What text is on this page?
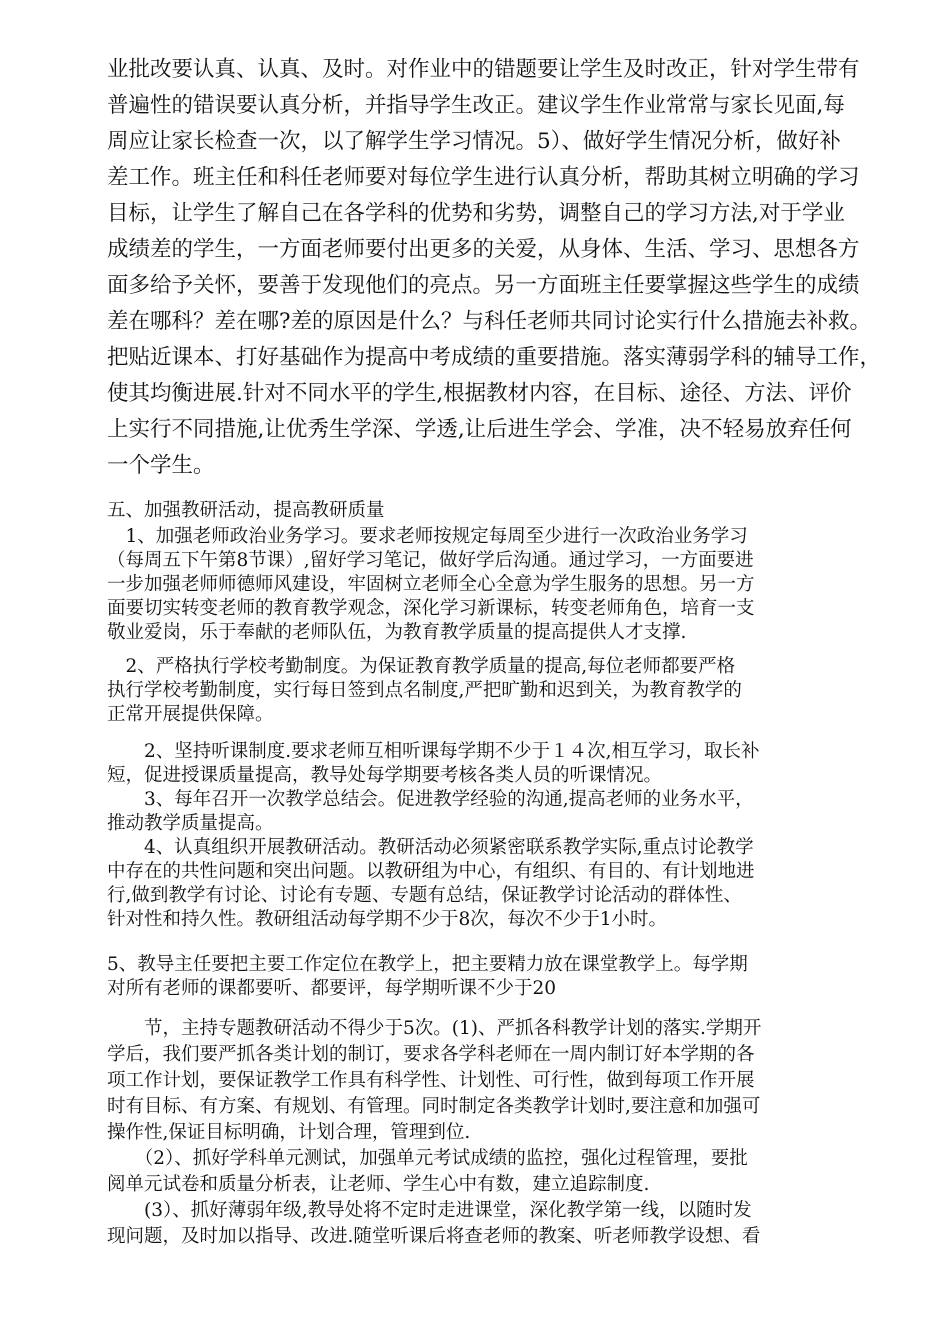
业批改要认真、认真、及时。对作业中的错题要让学生及时改正，针对学生带有
普遍性的错误要认真分析，并指导学生改正。建议学生作业常常与家长见面,每
周应让家长检查一次，以了解学生学习情况。5）、做好学生情况分析，做好补
差工作。班主任和科任老师要对每位学生进行认真分析，帮助其树立明确的学习
目标，让学生了解自己在各学科的优势和劣势，调整自己的学习方法,对于学业
成绩差的学生，一方面老师要付出更多的关爱，从身体、生活、学习、思想各方
面多给予关怀，要善于发现他们的亮点。另一方面班主任要掌握这些学生的成绩
差在哪科？差在哪?差的原因是什么？与科任老师共同讨论实行什么措施去补救。
把贴近课本、打好基础作为提高中考成绩的重要措施。落实薄弱学科的辅导工作，
使其均衡进展.针对不同水平的学生,根据教材内容，在目标、途径、方法、评价
上实行不同措施,让优秀生学深、学透,让后进生学会、学准，决不轻易放弃任何
一个学生。
五、加强教研活动，提高教研质量
　1、加强老师政治业务学习。要求老师按规定每周至少进行一次政治业务学习
（每周五下午第8节课）,留好学习笔记，做好学后沟通。通过学习，一方面要进
一步加强老师师德师风建设，牢固树立老师全心全意为学生服务的思想。另一方
面要切实转变老师的教育教学观念，深化学习新课标，转变老师角色，培育一支
敬业爱岗，乐于奉献的老师队伍，为教育教学质量的提高提供人才支撑.
　2、严格执行学校考勤制度。为保证教育教学质量的提高,每位老师都要严格
执行学校考勤制度，实行每日签到点名制度,严把旷勤和迟到关，为教育教学的
正常开展提供保障。
　　2、坚持听课制度.要求老师互相听课每学期不少于１４次,相互学习，取长补
短，促进授课质量提高，教导处每学期要考核各类人员的听课情况。
　　3、每年召开一次教学总结会。促进教学经验的沟通,提高老师的业务水平，
推动教学质量提高。
　　4、认真组织开展教研活动。教研活动必须紧密联系教学实际,重点讨论教学
中存在的共性问题和突出问题。以教研组为中心，有组织、有目的、有计划地进
行,做到教学有讨论、讨论有专题、专题有总结，保证教学讨论活动的群体性、
针对性和持久性。教研组活动每学期不少于8次，每次不少于1小时。
5、教导主任要把主要工作定位在教学上，把主要精力放在课堂教学上。每学期
对所有老师的课都要听、都要评，每学期听课不少于20
　　节，主持专题教研活动不得少于5次。(1)、严抓各科教学计划的落实.学期开
学后，我们要严抓各类计划的制订，要求各学科老师在一周内制订好本学期的各
项工作计划，要保证教学工作具有科学性、计划性、可行性，做到每项工作开展
时有目标、有方案、有规划、有管理。同时制定各类教学计划时,要注意和加强可
操作性,保证目标明确，计划合理，管理到位.
　　（2）、抓好学科单元测试，加强单元考试成绩的监控，强化过程管理，要批
阅单元试卷和质量分析表，让老师、学生心中有数，建立追踪制度.
　　(3）、抓好薄弱年级,教导处将不定时走进课堂，深化教学第一线，以随时发
现问题，及时加以指导、改进.随堂听课后将查老师的教案、听老师教学设想、看
